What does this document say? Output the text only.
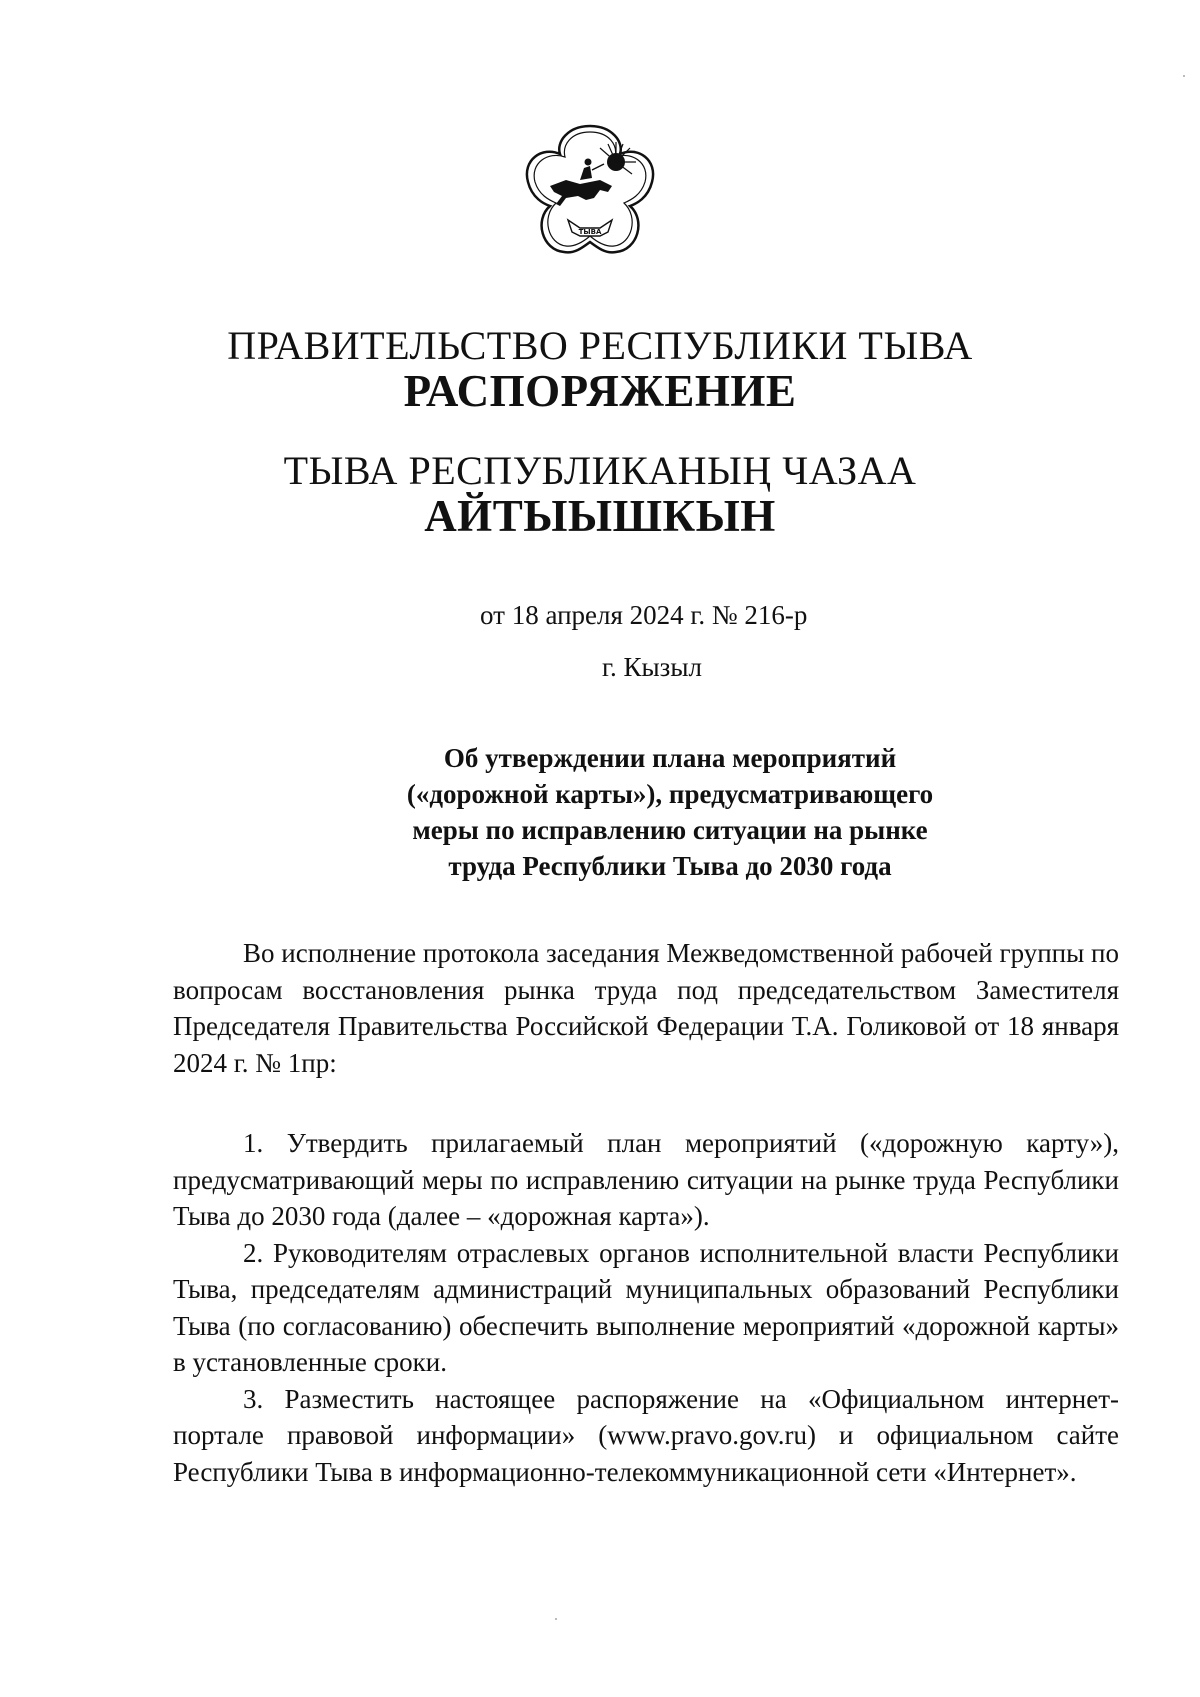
ТЫВА
ПРАВИТЕЛЬСТВО РЕСПУБЛИКИ ТЫВА
РАСПОРЯЖЕНИЕ
ТЫВА РЕСПУБЛИКАНЫҢ ЧАЗАА
АЙТЫЫШКЫН
от 18 апреля 2024 г. № 216-р
г. Кызыл
Об утверждении плана мероприятий
(«дорожной карты»), предусматривающего
меры по исправлению ситуации на рынке
труда Республики Тыва до 2030 года

Во исполнение протокола заседания Межведомственной рабочей группы по вопросам восстановления рынка труда под председательством Заместителя Председателя Правительства Российской Федерации Т.А. Голиковой от 18 января 2024 г. № 1пр:

1. Утвердить прилагаемый план мероприятий («дорожную карту»), предусматривающий меры по исправлению ситуации на рынке труда Республики Тыва до 2030 года (далее – «дорожная карта»).

2. Руководителям отраслевых органов исполнительной власти Республики Тыва, председателям администраций муниципальных образований Республики Тыва (по согласованию) обеспечить выполнение мероприятий «дорожной карты» в установленные сроки.

3. Разместить настоящее распоряжение на «Официальном интернет-портале правовой информации» (www.pravo.gov.ru) и официальном сайте Республики Тыва в информационно-телекоммуникационной сети «Интернет».
